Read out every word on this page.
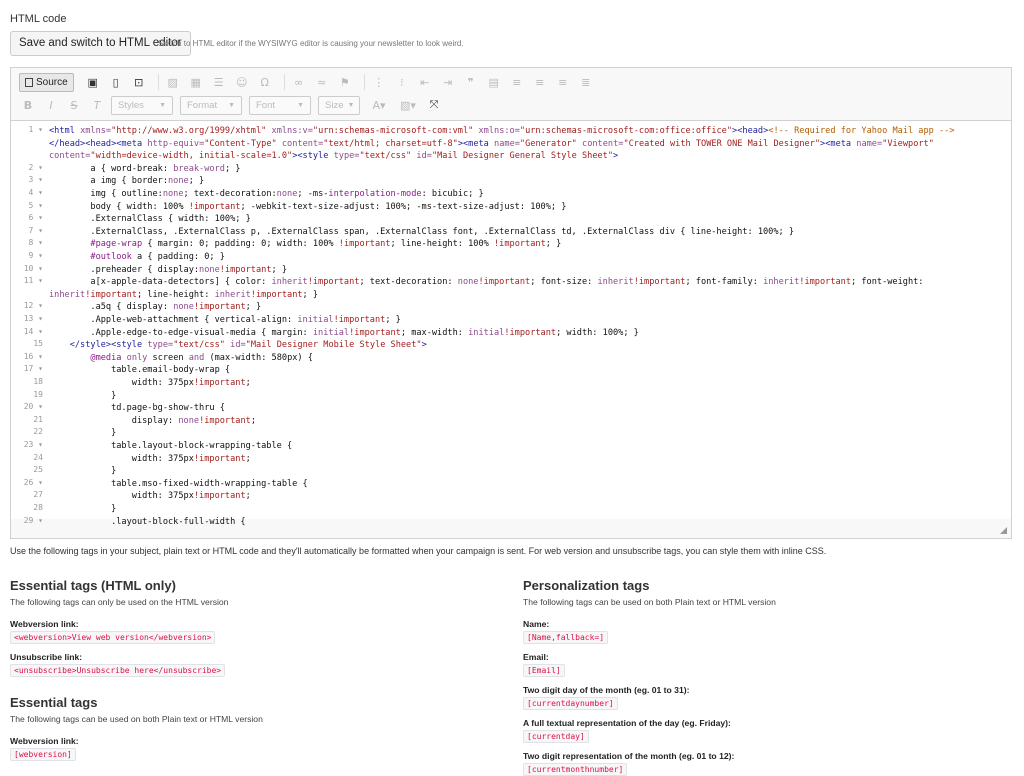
HTML code
Save and switch to HTML editor
Switch to HTML editor if the WYSIWYG editor is causing your newsletter to look weird.
Source	▣	▯	⊡	▨	▦	☰	☺	Ω	∞	≈	⚑	⋮	⁝	⇤	⇥	❞	▤	≡	≡	≡	≣
B	I	S	T	Styles ▼ Format ▼ Font	▼ Size ▼	A▾	▧▾	⤧
1 ▾
2 ▾
3 ▾
4 ▾
5 ▾
6 ▾
7 ▾
8 ▾
9 ▾
10 ▾
11 ▾
12 ▾
13 ▾
14 ▾
15
16 ▾
17 ▾
18
19
20 ▾
21
22
23 ▾
24
25
26 ▾
27
28
29 ▾
<html xmlns="http://www.w3.org/1999/xhtml" xmlns:v="urn:schemas-microsoft-com:vml" xmlns:o="urn:schemas-microsoft-com:office:office"><head><!-- Required for Yahoo Mail app -->
</head><head><meta http-equiv="Content-Type" content="text/html; charset=utf-8"><meta name="Generator" content="Created with TOWER ONE Mail Designer"><meta name="Viewport"
content="width=device-width, initial-scale=1.0"><style type="text/css" id="Mail Designer General Style Sheet">
a { word-break: break-word; }
a img { border:none; }
img { outline:none; text-decoration:none; -ms-interpolation-mode: bicubic; }
body { width: 100% !important; -webkit-text-size-adjust: 100%; -ms-text-size-adjust: 100%; }
.ExternalClass { width: 100%; }
.ExternalClass, .ExternalClass p, .ExternalClass span, .ExternalClass font, .ExternalClass td, .ExternalClass div { line-height: 100%; }
#page-wrap { margin: 0; padding: 0; width: 100% !important; line-height: 100% !important; }
#outlook a { padding: 0; }
.preheader { display:none!important; }
a[x-apple-data-detectors] { color: inherit!important; text-decoration: none!important; font-size: inherit!important; font-family: inherit!important; font-weight:
inherit!important; line-height: inherit!important; }
.a5q { display: none!important; }
.Apple-web-attachment { vertical-align: initial!important; }
.Apple-edge-to-edge-visual-media { margin: initial!important; max-width: initial!important; width: 100%; }
</style><style type="text/css" id="Mail Designer Mobile Style Sheet">
@media only screen and (max-width: 580px) {
table.email-body-wrap {
width: 375px!important;
}
td.page-bg-show-thru {
display: none!important;
}
table.layout-block-wrapping-table {
width: 375px!important;
}
table.mso-fixed-width-wrapping-table {
width: 375px!important;
}
.layout-block-full-width {
Use the following tags in your subject, plain text or HTML code and they'll automatically be formatted when your campaign is sent. For web version and unsubscribe tags, you can style them with inline CSS.
Essential tags (HTML only)
The following tags can only be used on the HTML version
Webversion link:
<webversion>View web version</webversion>
Unsubscribe link:
<unsubscribe>Unsubscribe here</unsubscribe>
Essential tags
The following tags can be used on both Plain text or HTML version
Webversion link:
[webversion]
Personalization tags
The following tags can be used on both Plain text or HTML version
Name:
[Name,fallback=]
Email:
[Email]
Two digit day of the month (eg. 01 to 31):
[currentdaynumber]
A full textual representation of the day (eg. Friday):
[currentday]
Two digit representation of the month (eg. 01 to 12):
[currentmonthnumber]
